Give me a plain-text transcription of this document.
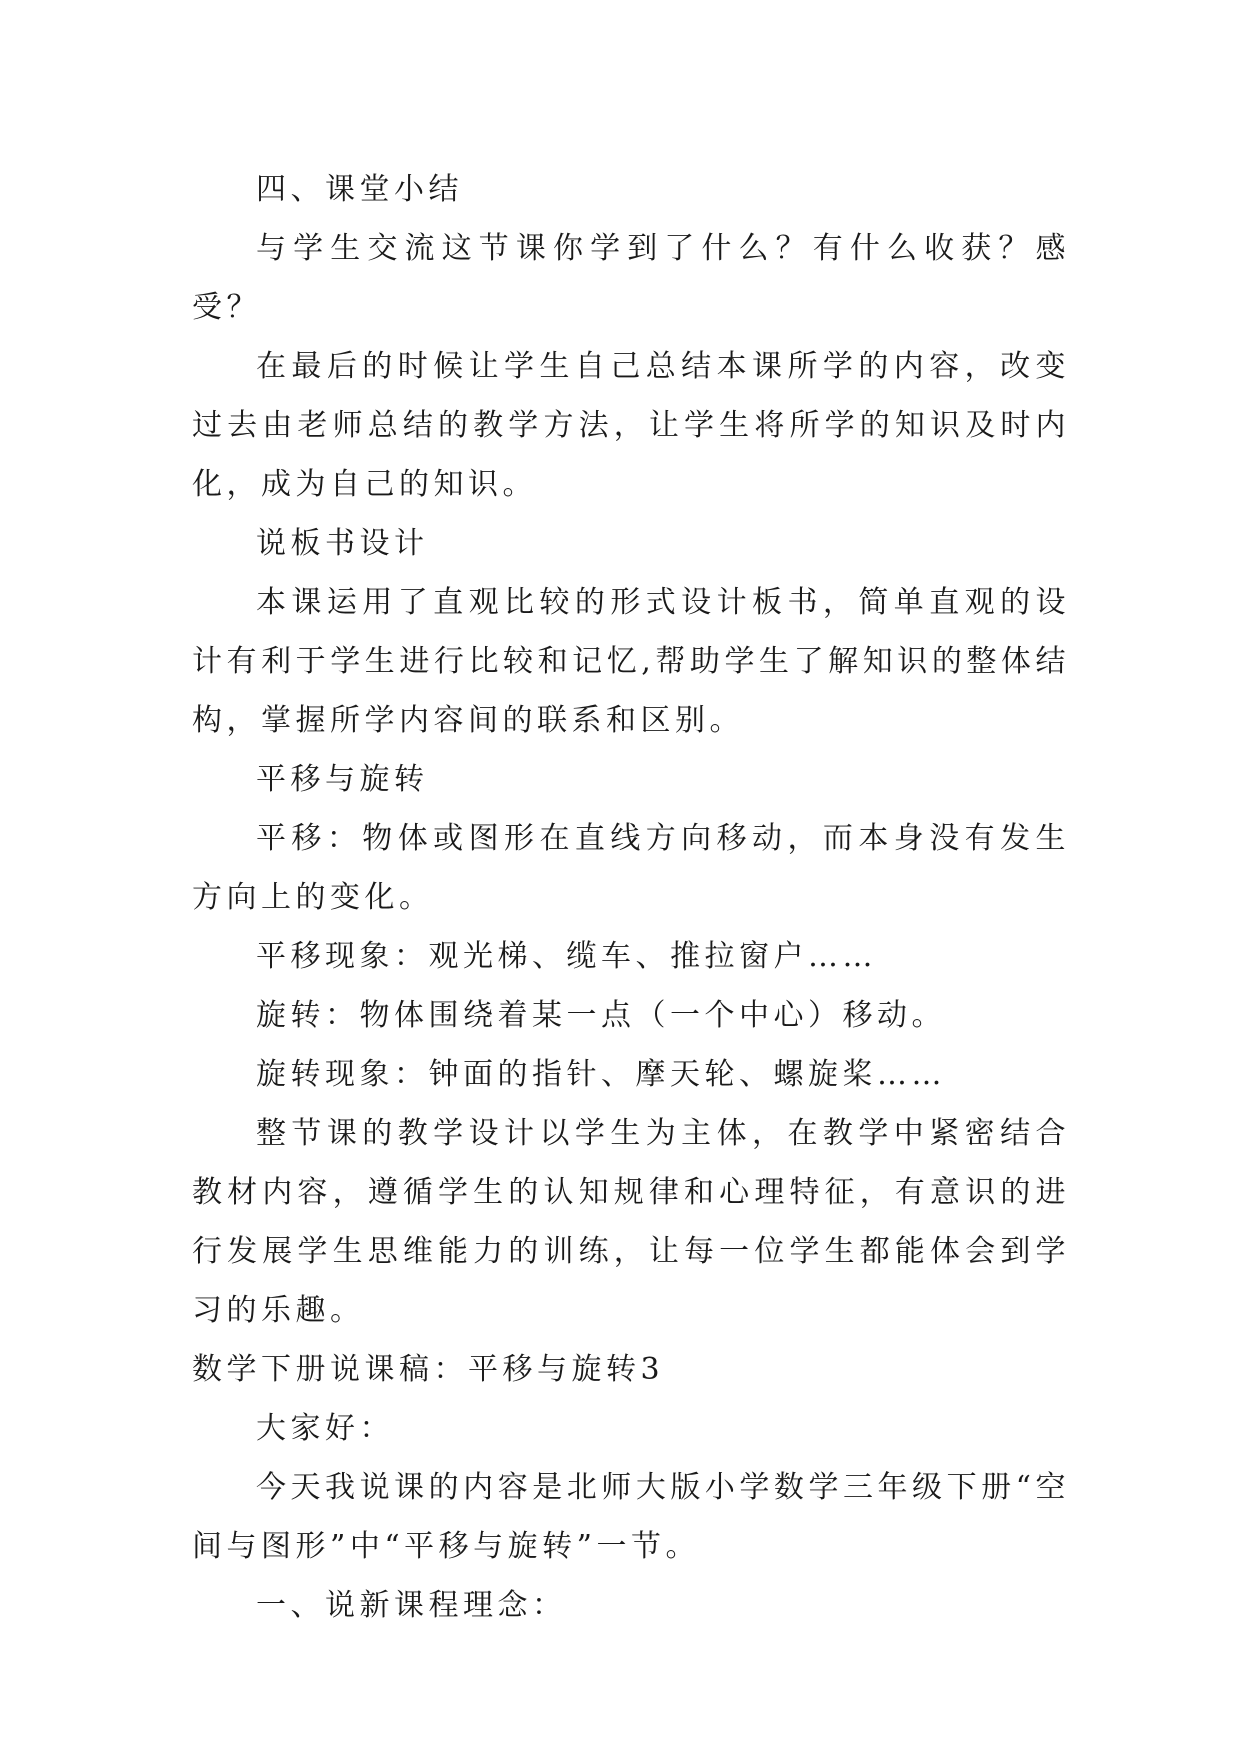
四、课堂小结

与学生交流这节课你学到了什么？有什么收获？感受？

在最后的时候让学生自己总结本课所学的内容，改变过去由老师总结的教学方法，让学生将所学的知识及时内化，成为自己的知识。

说板书设计

本课运用了直观比较的形式设计板书，简单直观的设计有利于学生进行比较和记忆,帮助学生了解知识的整体结构，掌握所学内容间的联系和区别。

平移与旋转

平移：物体或图形在直线方向移动，而本身没有发生方向上的变化。

平移现象：观光梯、缆车、推拉窗户……

旋转：物体围绕着某一点（一个中心）移动。

旋转现象：钟面的指针、摩天轮、螺旋桨……

整节课的教学设计以学生为主体，在教学中紧密结合教材内容，遵循学生的认知规律和心理特征，有意识的进行发展学生思维能力的训练，让每一位学生都能体会到学习的乐趣。

数学下册说课稿：平移与旋转3

大家好：

今天我说课的内容是北师大版小学数学三年级下册“空间与图形”中“平移与旋转”一节。

一、说新课程理念：
